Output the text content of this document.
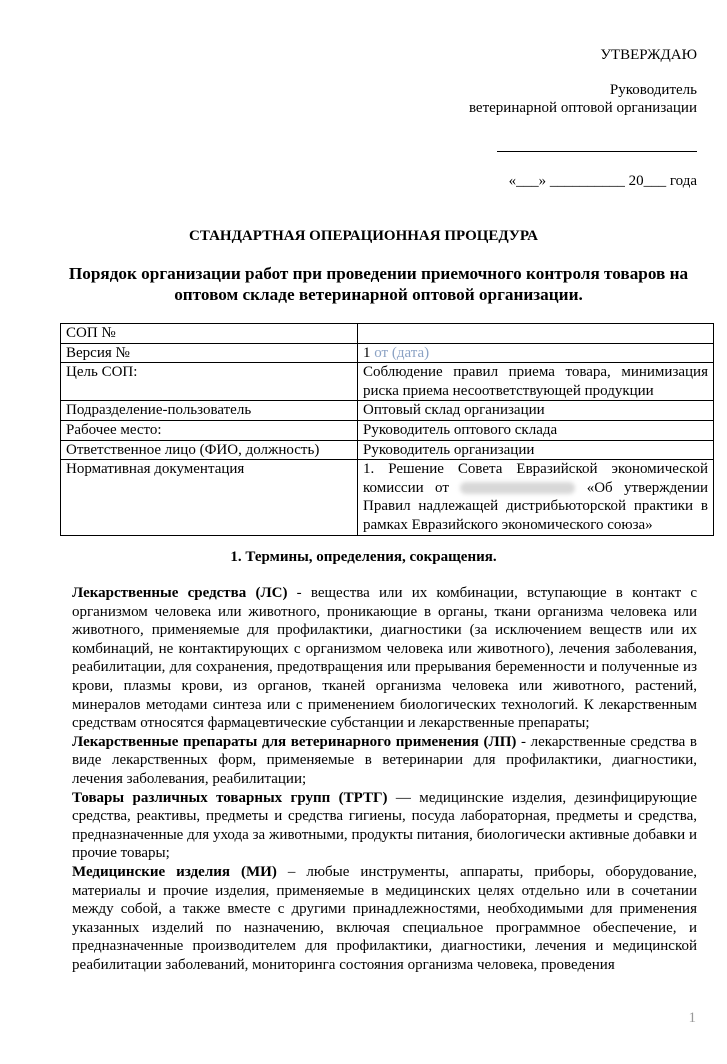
УТВЕРЖДАЮ
Руководитель
ветеринарной оптовой организации
«___» __________ 20___ года
СТАНДАРТНАЯ ОПЕРАЦИОННАЯ ПРОЦЕДУРА
Порядок организации работ при проведении приемочного контроля товаров на оптовом складе ветеринарной оптовой организации.
СОП №	
Версия №	1 от (дата)
Цель СОП:	Соблюдение правил приема товара, минимизация риска приема несоответствующей продукции
Подразделение-пользователь	Оптовый склад организации
Рабочее место:	Руководитель оптового склада
Ответственное лицо (ФИО, должность)	Руководитель организации
Нормативная документация	1. Решение Совета Евразийской экономической комиссии от «Об утверждении Правил надлежащей дистрибьюторской практики в рамках Евразийского экономического союза»
1. Термины, определения, сокращения.

Лекарственные средства (ЛС) - вещества или их комбинации, вступающие в контакт с организмом человека или животного, проникающие в органы, ткани организма человека или животного, применяемые для профилактики, диагностики (за исключением веществ или их комбинаций, не контактирующих с организмом человека или животного), лечения заболевания, реабилитации, для сохранения, предотвращения или прерывания беременности и полученные из крови, плазмы крови, из органов, тканей организма человека или животного, растений, минералов методами синтеза или с применением биологических технологий. К лекарственным средствам относятся фармацевтические субстанции и лекарственные препараты;

Лекарственные препараты для ветеринарного применения (ЛП) - лекарственные средства в виде лекарственных форм, применяемые в ветеринарии для профилактики, диагностики, лечения заболевания, реабилитации;

Товары различных товарных групп (ТРТГ) — медицинские изделия, дезинфицирующие средства, реактивы, предметы и средства гигиены, посуда лабораторная, предметы и средства, предназначенные для ухода за животными, продукты питания, биологически активные добавки и прочие товары;

Медицинские изделия (МИ) – любые инструменты, аппараты, приборы, оборудование, материалы и прочие изделия, применяемые в медицинских целях отдельно или в сочетании между собой, а также вместе с другими принадлежностями, необходимыми для применения указанных изделий по назначению, включая специальное программное обеспечение, и предназначенные производителем для профилактики, диагностики, лечения и медицинской реабилитации заболеваний, мониторинга состояния организма человека, проведения

1
